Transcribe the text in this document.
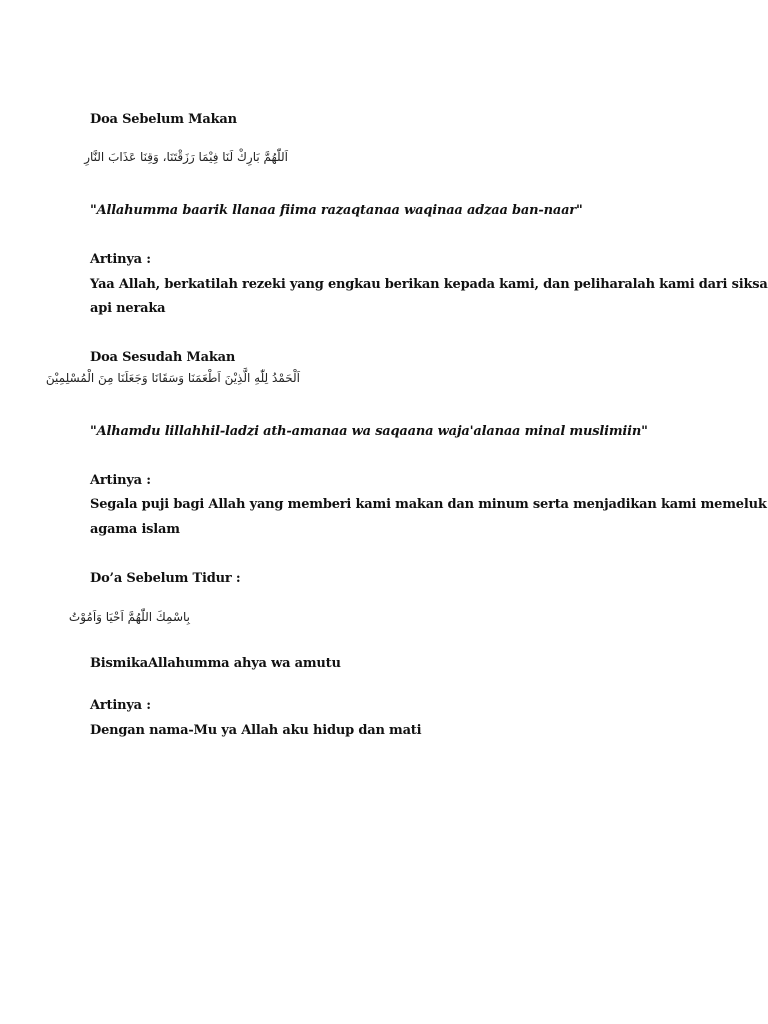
Doa Sebelum Makan
اَللّٰهُمَّ بَارِكْ لَنَا فِيْمَا رَزَقْتَنَا، وَقِنَا عَذَابَ النَّارِ
"Allahumma baarik llanaa fiima razaqtanaa waqinaa adzaa ban-naar"
Artinya :
Yaa Allah, berkatilah rezeki yang engkau berikan kepada kami, dan peliharalah kami dari siksa
api neraka
Doa Sesudah Makan
اَلْحَمْدُ لِلّٰهِ الَّذِيْنَ اَطْعَمَنَا وَسَقَانَا وَجَعَلَنَا مِنَ الْمُسْلِمِيْنَ
"Alhamdu lillahhil-ladzi ath-amanaa wa saqaana waja'alanaa minal muslimiin"
Artinya :
Segala puji bagi Allah yang memberi kami makan dan minum serta menjadikan kami memeluk
agama islam
Do’a Sebelum Tidur :
بِاسْمِكَ اللّٰهُمَّ اَحْيَا وَاَمُوْتُ
BismikaAllahumma ahya wa amutu
Artinya :
Dengan nama-Mu ya Allah aku hidup dan mati
